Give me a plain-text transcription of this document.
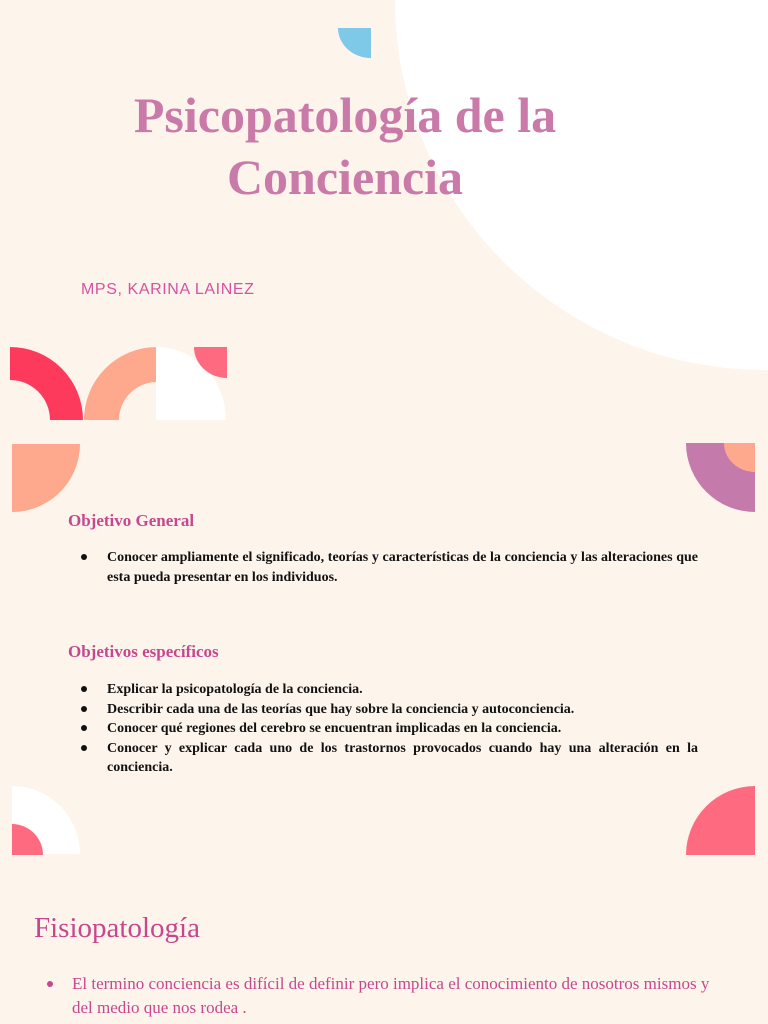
Psicopatología de la
Conciencia
MPS, KARINA LAINEZ
Objetivo General
Conocer ampliamente el significado, teorías y características de la conciencia y las alteraciones que esta pueda presentar en los individuos.
Objetivos específicos
Explicar la psicopatología de la conciencia.
Describir cada una de las teorías que hay sobre la conciencia y autoconciencia.
Conocer qué regiones del cerebro se encuentran implicadas en la conciencia.
Conocer y explicar cada uno de los trastornos provocados cuando hay una alteración en la conciencia.
Fisiopatología
El termino conciencia es difícil de definir pero implica el conocimiento de nosotros mismos y del medio que nos rodea .
